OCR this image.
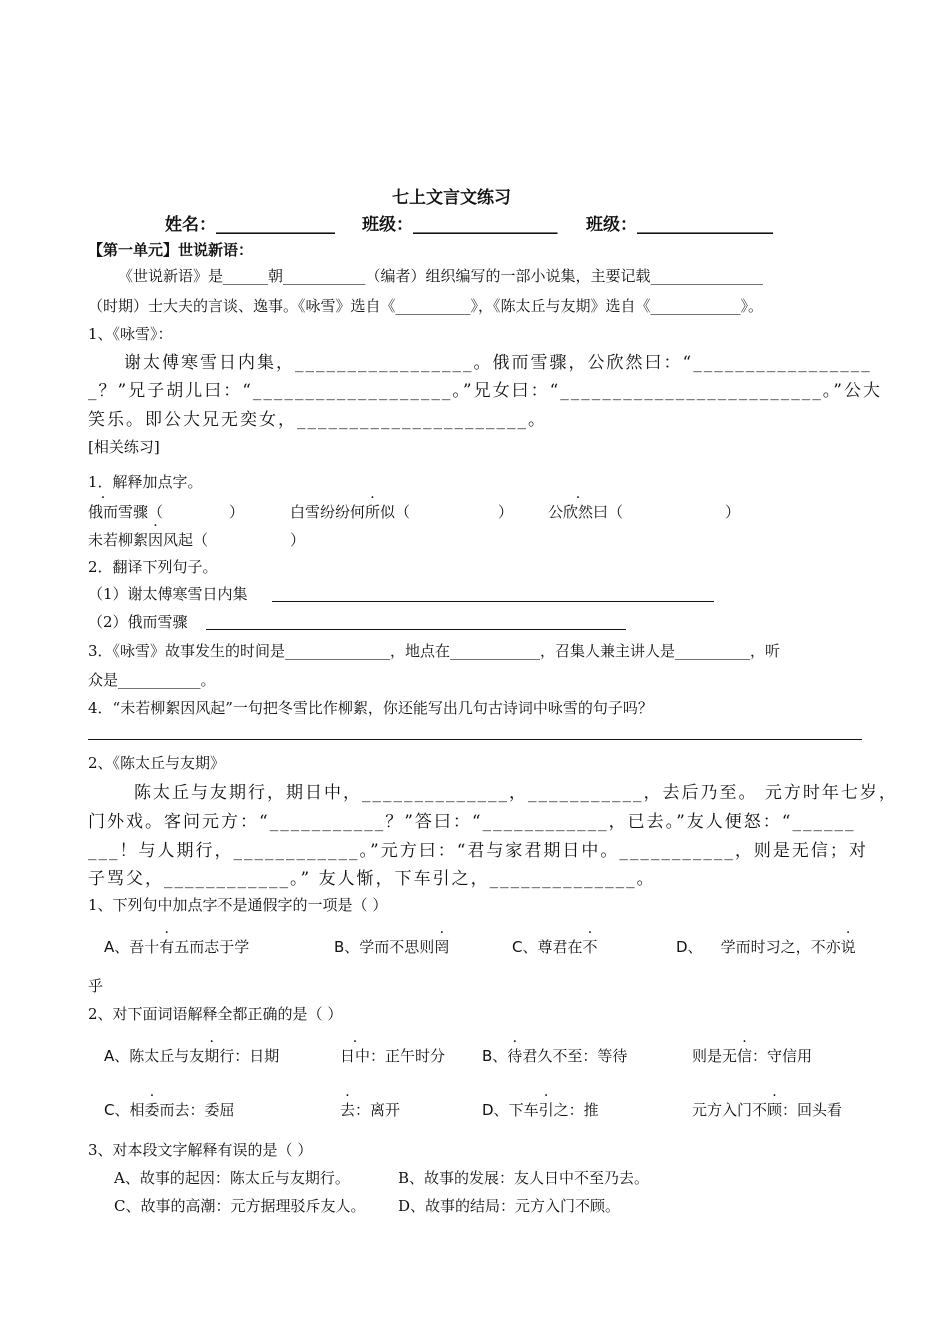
七上文言文练习
姓名：______________ 班级：_________________ 班级：________________
【第一单元】世说新语：
《世说新语》是______朝___________（编者）组织编写的一部小说集，主要记载_______________
（时期）士大夫的言谈、逸事。《咏雪》选自《__________》，《陈太丘与友期》选自《____________》。
1、《咏雪》：
谢太傅寒雪日内集，_________________。俄而雪骤，公欣然曰：“_________________
_？”兄子胡儿曰：“___________________。”兄女曰：“_________________________。”公大
笑乐。即公大兄无奕女，______________________。
[相关练习]
1．解释加点字。
俄而雪骤（	）	白雪纷纷何所似（	） 公欣然曰（	）
未若柳絮因风起（	）
2．翻译下列句子。
（1）谢太傅寒雪日内集
（2）俄而雪骤
3．《咏雪》故事发生的时间是______________，地点在____________，召集人兼主讲人是__________，听
众是___________。
4．“未若柳絮因风起”一句把冬雪比作柳絮，你还能写出几句古诗词中咏雪的句子吗？
2、《陈太丘与友期》
陈太丘与友期行，期日中，______________，___________，去后乃至。 元方时年七岁，
门外戏。客问元方：“___________？”答曰：“____________，已去。”友人便怒：“______
___！与人期行，____________。”元方曰：“君与家君期日中。___________，则是无信；对
子骂父，____________。” 友人惭，下车引之，______________。
1、下列句中加点字不是通假字的一项是（ ）
A、吾十有五而志于学	B、学而不思则罔	C、尊君在不	D、 学而时习之，不亦说
乎
2、对下面词语解释全都正确的是（ ）
A、陈太丘与友期行：日期	日中：正午时分 B、待君久不至：等待	则是无信：守信用
C、相委而去：委屈	去：离开	D、下车引之：推	元方入门不顾：回头看
3、对本段文字解释有误的是（ ）
A、故事的起因：陈太丘与友期行。	B、故事的发展：友人日中不至乃去。
C、故事的高潮：元方据理驳斥友人。 D、故事的结局：元方入门不顾。
